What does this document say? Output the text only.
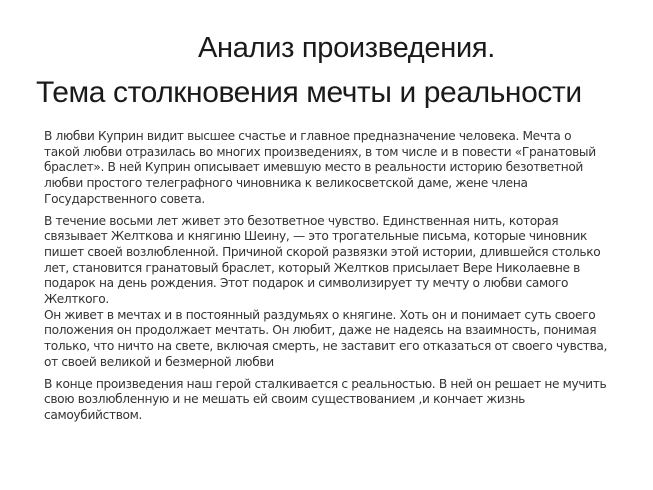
Анализ произведения.
Тема столкновения мечты и реальности

В любви Куприн видит высшее счастье и главное предназначение человека. Мечта о такой любви отразилась во многих произведениях, в том числе и в повести «Гранатовый браслет». В ней Куприн описывает имевшую место в реальности историю безответной любви простого телеграфного чиновника к великосветской даме, жене члена Государственного совета.

В течение восьми лет живет это безответное чувство. Единственная нить, которая связывает Желткова и княгиню Шеину, — это трогательные письма, которые чиновник пишет своей возлюбленной. Причиной скорой развязки этой истории, длившейся столько лет, становится гранатовый браслет, который Желтков присылает Вере Николаевне в подарок на день рождения. Этот подарок и символизирует ту мечту о любви самого Желткого.

Он живет в мечтах и в постоянный раздумьях о княгине. Хоть он и понимает суть своего положения он продолжает мечтать. Он любит, даже не надеясь на взаимность, понимая только, что ничто на свете, включая смерть, не заставит его отказаться от своего чувства, от своей великой и безмерной любви

В конце произведения наш герой сталкивается с реальностью. В ней он решает не мучить свою возлюбленную и не мешать ей своим существованием ,и кончает жизнь самоубийством.
